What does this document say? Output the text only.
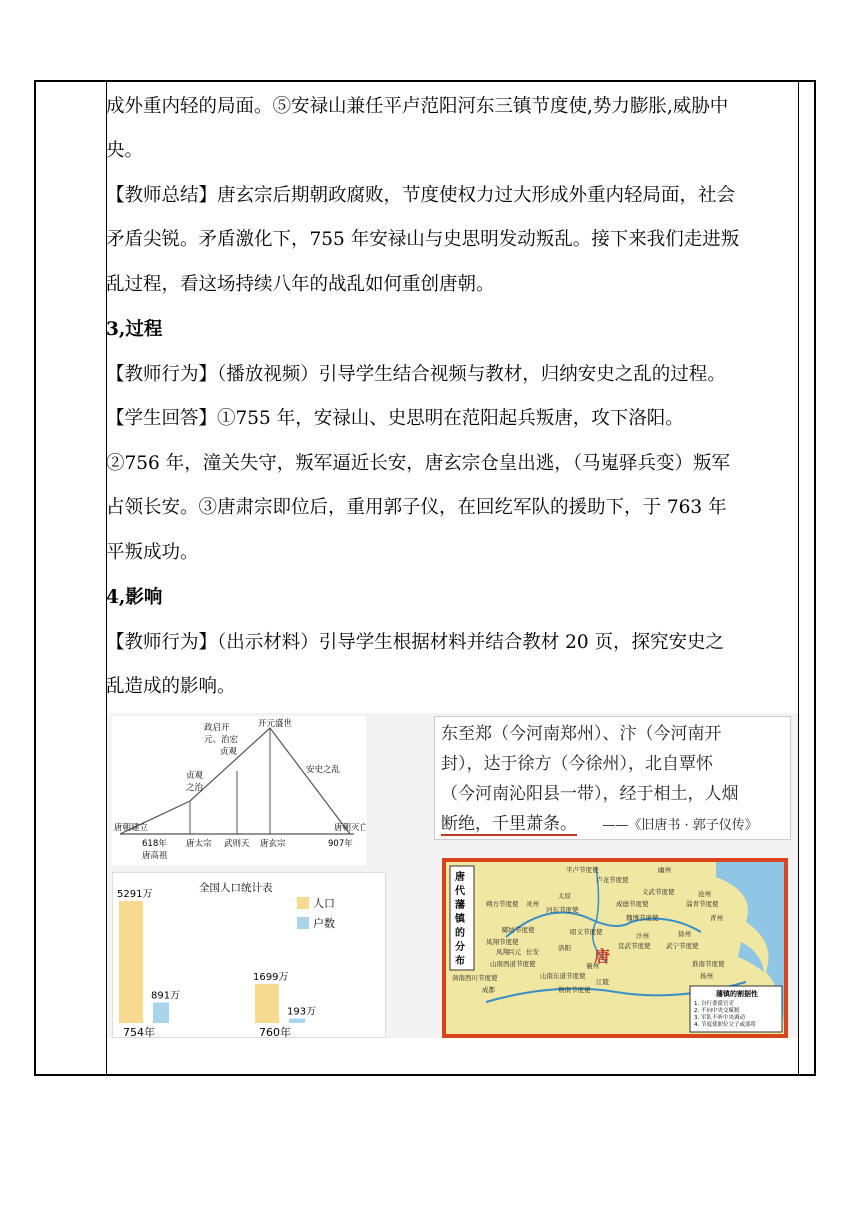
成外重内轻的局面。⑤安禄山兼任平卢范阳河东三镇节度使,势力膨胀,威胁中

央。

【教师总结】唐玄宗后期朝政腐败，节度使权力过大形成外重内轻局面，社会

矛盾尖锐。矛盾激化下，755 年安禄山与史思明发动叛乱。接下来我们走进叛

乱过程，看这场持续八年的战乱如何重创唐朝。

3,过程

【教师行为】（播放视频）引导学生结合视频与教材，归纳安史之乱的过程。

【学生回答】①755 年，安禄山、史思明在范阳起兵叛唐，攻下洛阳。

②756 年，潼关失守，叛军逼近长安，唐玄宗仓皇出逃，（马嵬驿兵变）叛军

占领长安。③唐肃宗即位后，重用郭子仪，在回纥军队的援助下，于 763 年

平叛成功。

4,影响

【教师行为】（出示材料）引导学生根据材料并结合教材 20 页，探究安史之

乱造成的影响。

政启开
元、治宏
贞观
开元盛世
贞观
之治
安史之乱
唐朝建立	唐朝灭亡
618年
唐高祖
唐太宗 武则天 唐玄宗	907年
东至郑（今河南郑州）、汴（今河南开
封），达于徐方（今徐州），北自覃怀
（今河南沁阳县一带），经于相土，人烟
断绝，千里萧条。 ——《旧唐书 · 郭子仪传》
全国人口统计表
5291万
891万
754年
1699万
193万
760年
人口
户数
唐
代
藩
镇
的
分
布	唐
平卢节度使
卢龙节度使
幽州
朔方节度使 灵州
太原
河东节度使
成德节度使
魏博节度使
义武节度使
淄青节度使
沧州
青州
郾坊节度使
凤翔节度使
昭义节度使
洛阳	宣武节度使 武宁节度使
长安
汴州	徐州
山南西道节度使
剑南西川节度使	山南东道节度使
荆南节度使
淮南节度使
扬州
成都
襄州
江陵
兴元
凤翔
藩镇的割据性
1. 自行委派官吏
2. 不向中央交赋税
3. 军队不听中央调动
4. 节度使职位父子或部将
